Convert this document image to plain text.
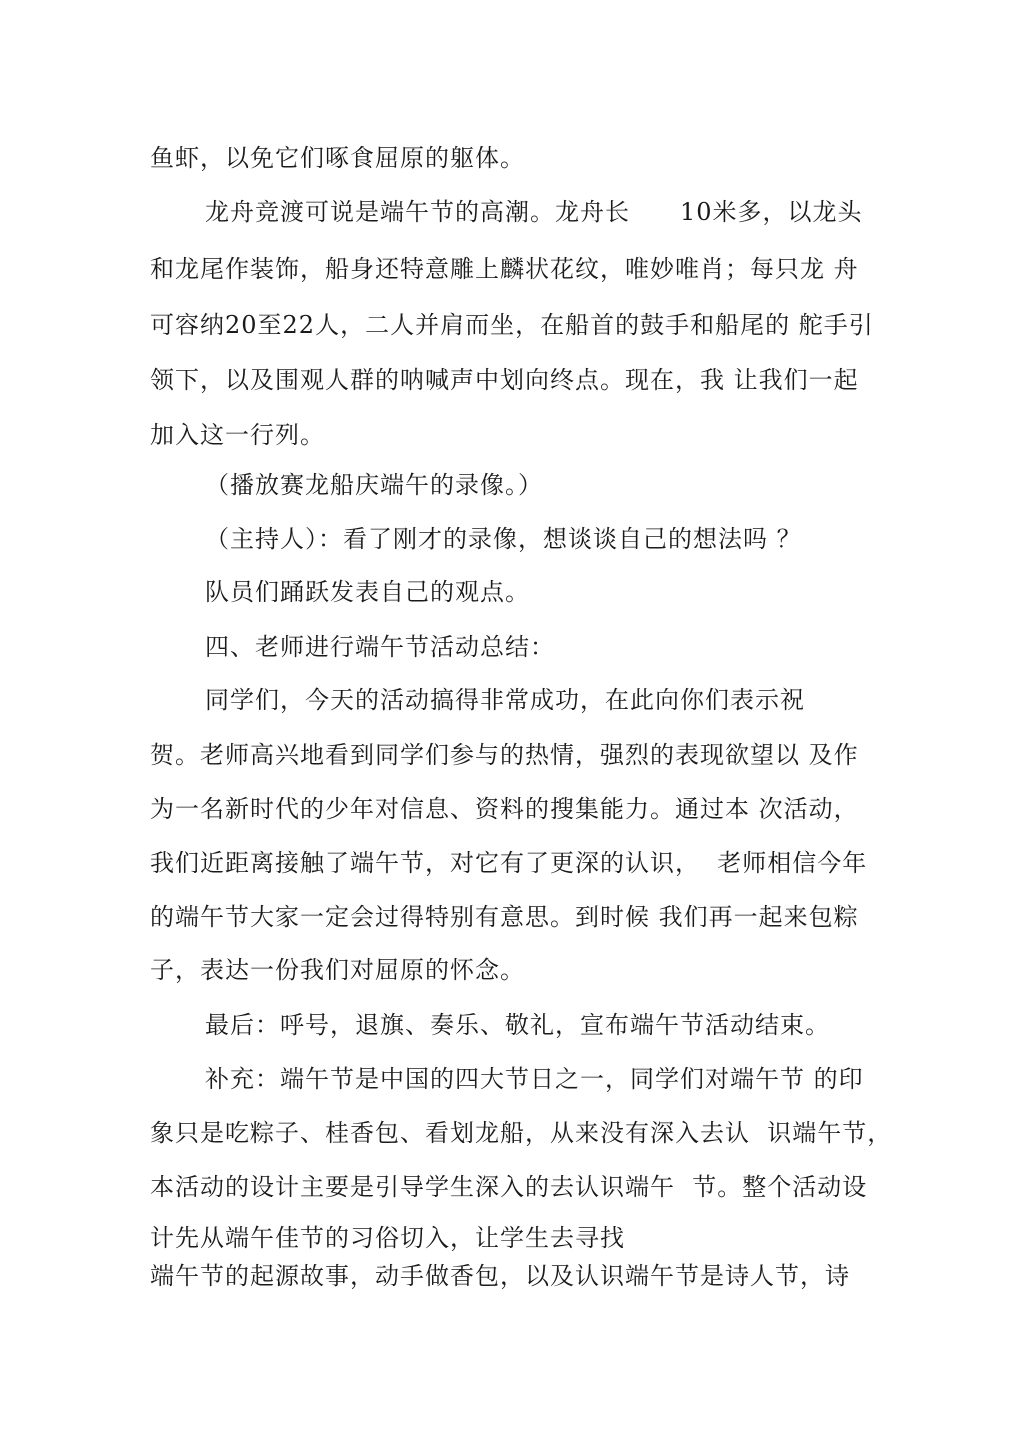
鱼虾，以免它们啄食屈原的躯体。
龙舟竞渡可说是端午节的高潮。龙舟长　　10米多，以龙头
和龙尾作装饰，船身还特意雕上麟状花纹，唯妙唯肖；每只龙 舟
可容纳20至22人，二人并肩而坐，在船首的鼓手和船尾的 舵手引
领下，以及围观人群的呐喊声中划向终点。现在，我 让我们一起
加入这一行列。
（播放赛龙船庆端午的录像。）
（主持人）：看了刚才的录像，想谈谈自己的想法吗 ？
队员们踊跃发表自己的观点。
四、老师进行端午节活动总结：
同学们，今天的活动搞得非常成功，在此向你们表示祝
贺。老师高兴地看到同学们参与的热情，强烈的表现欲望以 及作
为一名新时代的少年对信息、资料的搜集能力。通过本 次活动，
我们近距离接触了端午节，对它有了更深的认识，  老师相信今年
的端午节大家一定会过得特别有意思。到时候 我们再一起来包粽
子，表达一份我们对屈原的怀念。
最后：呼号，退旗、奏乐、敬礼，宣布端午节活动结束。
补充：端午节是中国的四大节日之一，同学们对端午节 的印
象只是吃粽子、桂香包、看划龙船，从来没有深入去认  识端午节，
本活动的设计主要是引导学生深入的去认识端午  节。整个活动设
计先从端午佳节的习俗切入，让学生去寻找
端午节的起源故事，动手做香包，以及认识端午节是诗人节，诗
